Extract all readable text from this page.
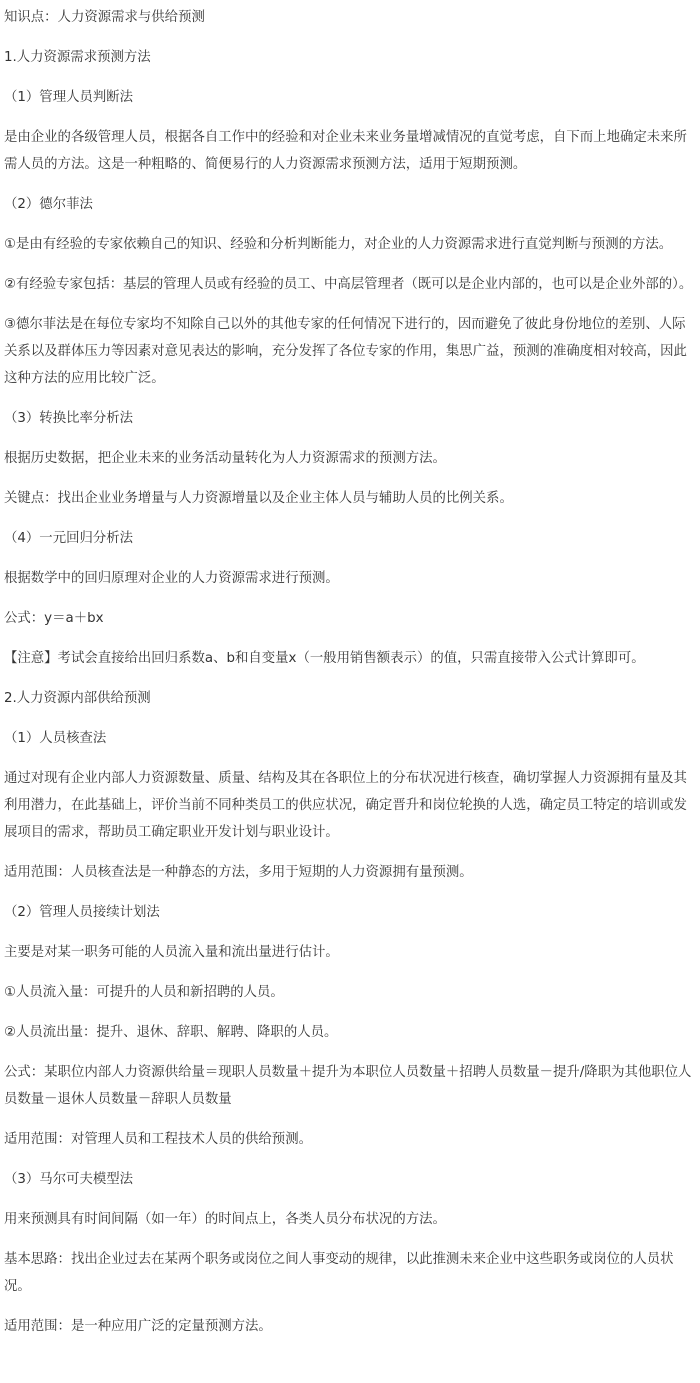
知识点：人力资源需求与供给预测

1.人力资源需求预测方法

（1）管理人员判断法

是由企业的各级管理人员，根据各自工作中的经验和对企业未来业务量增减情况的直觉考虑，自下而上地确定未来所需人员的方法。这是一种粗略的、简便易行的人力资源需求预测方法，适用于短期预测。

（2）德尔菲法

①是由有经验的专家依赖自己的知识、经验和分析判断能力，对企业的人力资源需求进行直觉判断与预测的方法。

②有经验专家包括：基层的管理人员或有经验的员工、中高层管理者（既可以是企业内部的，也可以是企业外部的）。

③德尔菲法是在每位专家均不知除自己以外的其他专家的任何情况下进行的，因而避免了彼此身份地位的差别、人际关系以及群体压力等因素对意见表达的影响，充分发挥了各位专家的作用，集思广益，预测的准确度相对较高，因此这种方法的应用比较广泛。

（3）转换比率分析法

根据历史数据，把企业未来的业务活动量转化为人力资源需求的预测方法。

关键点：找出企业业务增量与人力资源增量以及企业主体人员与辅助人员的比例关系。

（4）一元回归分析法

根据数学中的回归原理对企业的人力资源需求进行预测。

公式：y＝a＋bx

【注意】考试会直接给出回归系数a、b和自变量x（一般用销售额表示）的值，只需直接带入公式计算即可。

2.人力资源内部供给预测

（1）人员核查法

通过对现有企业内部人力资源数量、质量、结构及其在各职位上的分布状况进行核查，确切掌握人力资源拥有量及其利用潜力，在此基础上，评价当前不同种类员工的供应状况，确定晋升和岗位轮换的人选，确定员工特定的培训或发展项目的需求，帮助员工确定职业开发计划与职业设计。

适用范围：人员核查法是一种静态的方法，多用于短期的人力资源拥有量预测。

（2）管理人员接续计划法

主要是对某一职务可能的人员流入量和流出量进行估计。

①人员流入量：可提升的人员和新招聘的人员。

②人员流出量：提升、退休、辞职、解聘、降职的人员。

公式：某职位内部人力资源供给量＝现职人员数量＋提升为本职位人员数量＋招聘人员数量－提升/降职为其他职位人员数量－退休人员数量－辞职人员数量

适用范围：对管理人员和工程技术人员的供给预测。

（3）马尔可夫模型法

用来预测具有时间间隔（如一年）的时间点上，各类人员分布状况的方法。

基本思路：找出企业过去在某两个职务或岗位之间人事变动的规律，以此推测未来企业中这些职务或岗位的人员状况。

适用范围：是一种应用广泛的定量预测方法。
